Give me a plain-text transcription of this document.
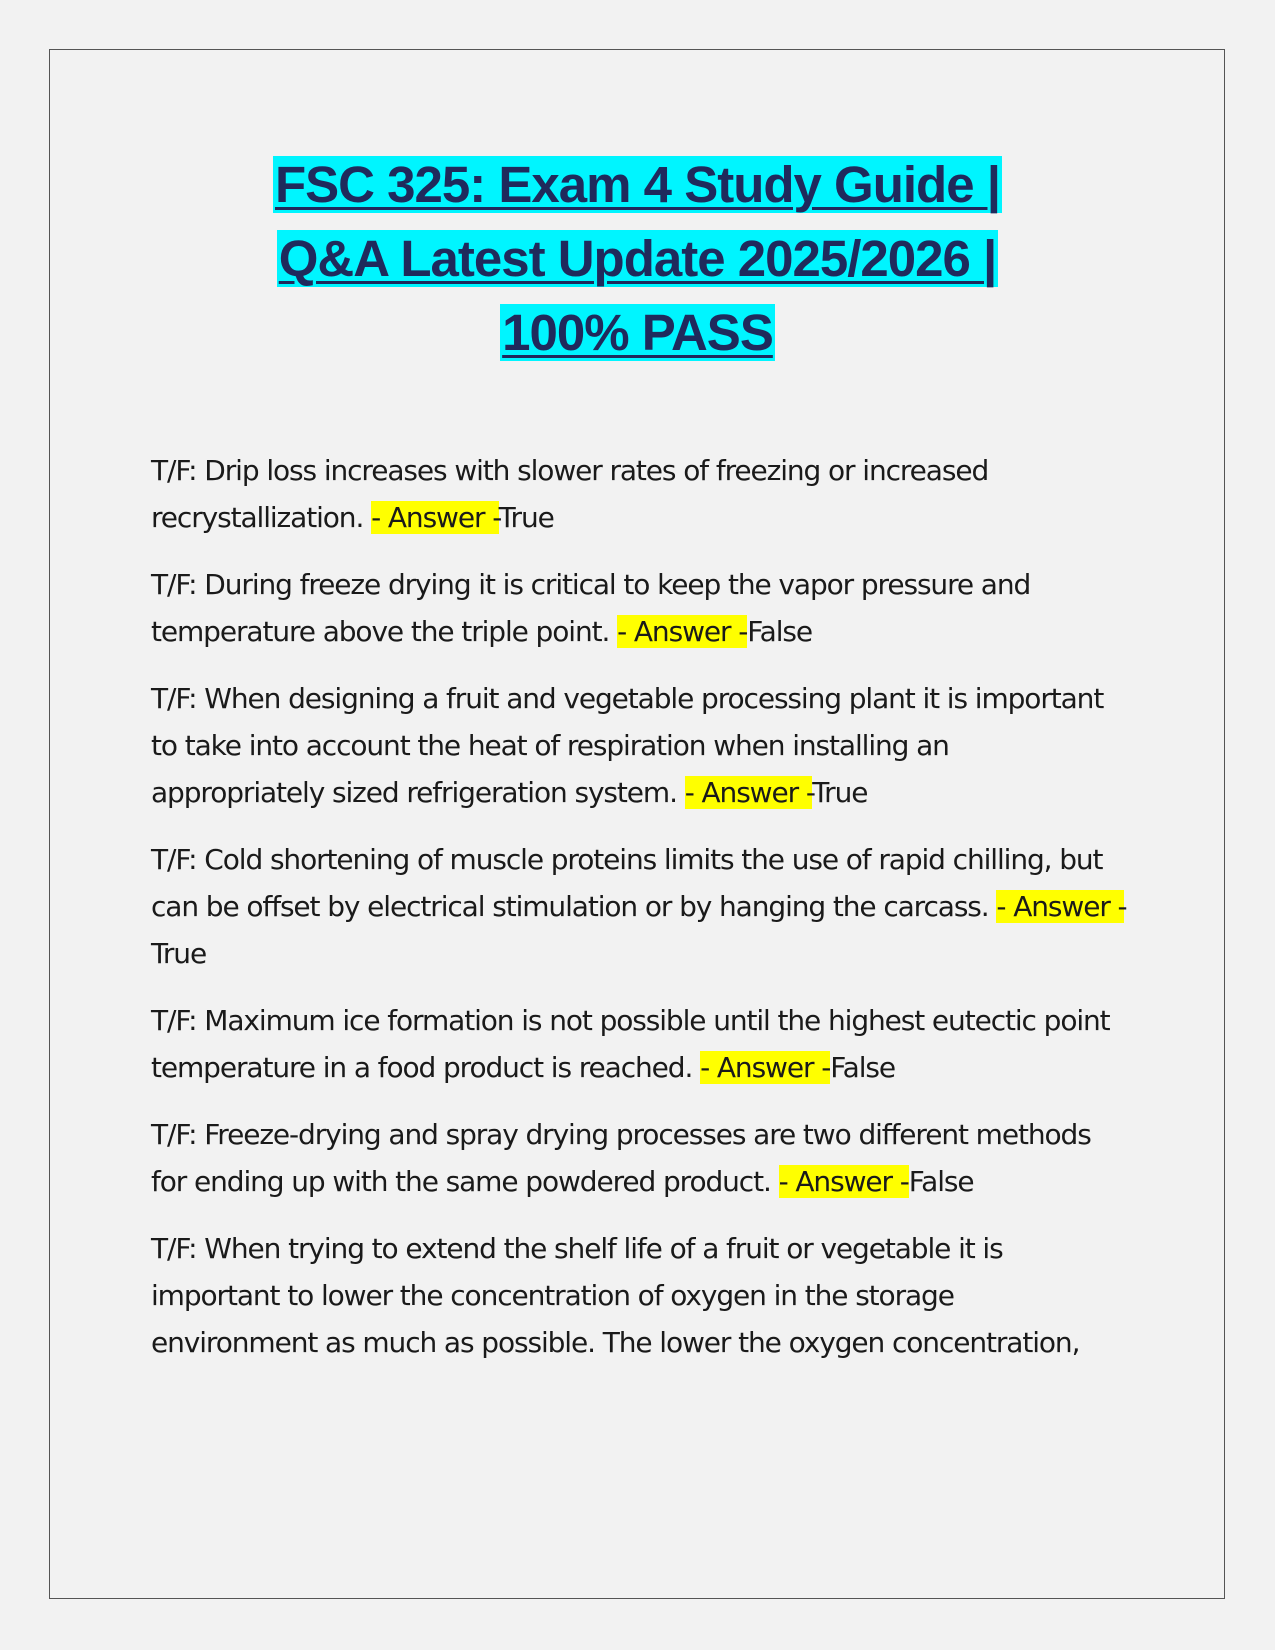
FSC 325: Exam 4 Study Guide |
Q&A Latest Update 2025/2026 |
100% PASS

T/F: Drip loss increases with slower rates of freezing or increased recrystallization. - Answer -True

T/F: During freeze drying it is critical to keep the vapor pressure and temperature above the triple point. - Answer -False

T/F: When designing a fruit and vegetable processing plant it is important to take into account the heat of respiration when installing an appropriately sized refrigeration system. - Answer -True

T/F: Cold shortening of muscle proteins limits the use of rapid chilling, but can be offset by electrical stimulation or by hanging the carcass. - Answer -True

T/F: Maximum ice formation is not possible until the highest eutectic point temperature in a food product is reached. - Answer -False

T/F: Freeze-drying and spray drying processes are two different methods for ending up with the same powdered product. - Answer -False

T/F: When trying to extend the shelf life of a fruit or vegetable it is important to lower the concentration of oxygen in the storage environment as much as possible. The lower the oxygen concentration,
